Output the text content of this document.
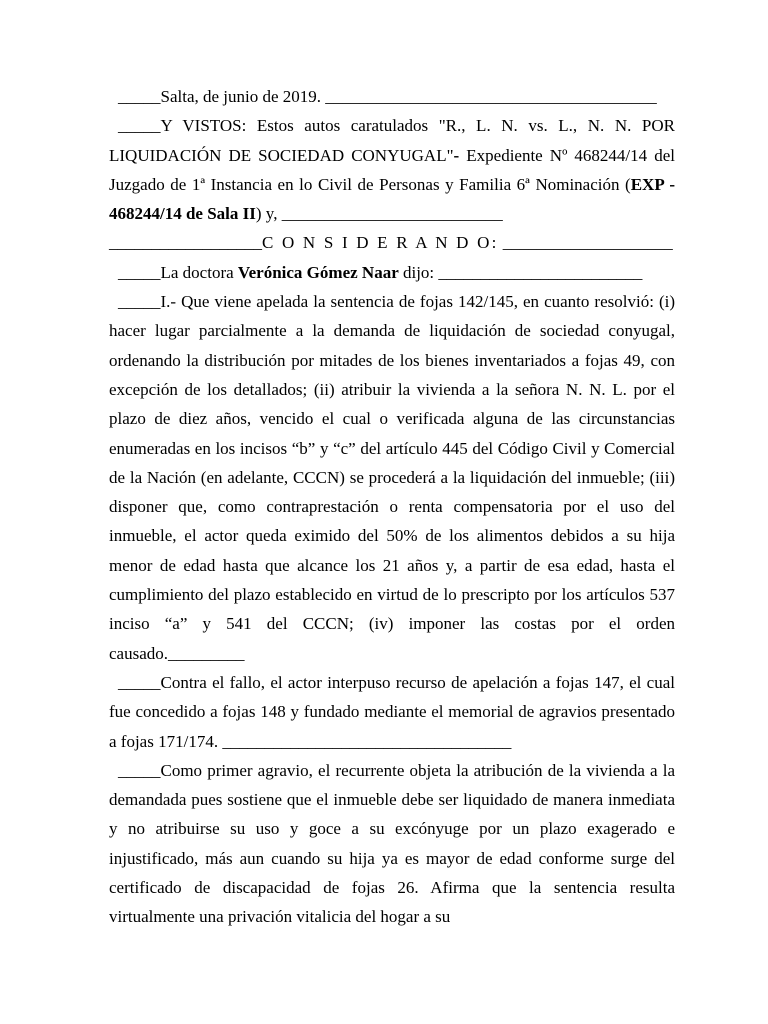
_____Salta, de junio de 2019. _______________________________________

_____Y VISTOS: Estos autos caratulados "R., L. N. vs. L., N. N. POR LIQUIDACIÓN DE SOCIEDAD CONYUGAL"- Expediente Nº 468244/14 del Juzgado de 1ª Instancia en lo Civil de Personas y Familia 6ª Nominación (EXP - 468244/14 de Sala II) y, __________________________

__________________C O N S I D E R A N D O: ____________________

_____La doctora Verónica Gómez Naar dijo: ________________________

_____I.- Que viene apelada la sentencia de fojas 142/145, en cuanto resolvió: (i) hacer lugar parcialmente a la demanda de liquidación de sociedad conyugal, ordenando la distribución por mitades de los bienes inventariados a fojas 49, con excepción de los detallados; (ii) atribuir la vivienda a la señora N. N. L. por el plazo de diez años, vencido el cual o verificada alguna de las circunstancias enumeradas en los incisos “b” y “c” del artículo 445 del Código Civil y Comercial de la Nación (en adelante, CCCN) se procederá a la liquidación del inmueble; (iii) disponer que, como contraprestación o renta compensatoria por el uso del inmueble, el actor queda eximido del 50% de los alimentos debidos a su hija menor de edad hasta que alcance los 21 años y, a partir de esa edad, hasta el cumplimiento del plazo establecido en virtud de lo prescripto por los artículos 537 inciso “a” y 541 del CCCN; (iv) imponer las costas por el orden causado._________

_____Contra el fallo, el actor interpuso recurso de apelación a fojas 147, el cual fue concedido a fojas 148 y fundado mediante el memorial de agravios presentado a fojas 171/174. __________________________________

_____Como primer agravio, el recurrente objeta la atribución de la vivienda a la demandada pues sostiene que el inmueble debe ser liquidado de manera inmediata y no atribuirse su uso y goce a su excónyuge por un plazo exagerado e injustificado, más aun cuando su hija ya es mayor de edad conforme surge del certificado de discapacidad de fojas 26. Afirma que la sentencia resulta virtualmente una privación vitalicia del hogar a su
